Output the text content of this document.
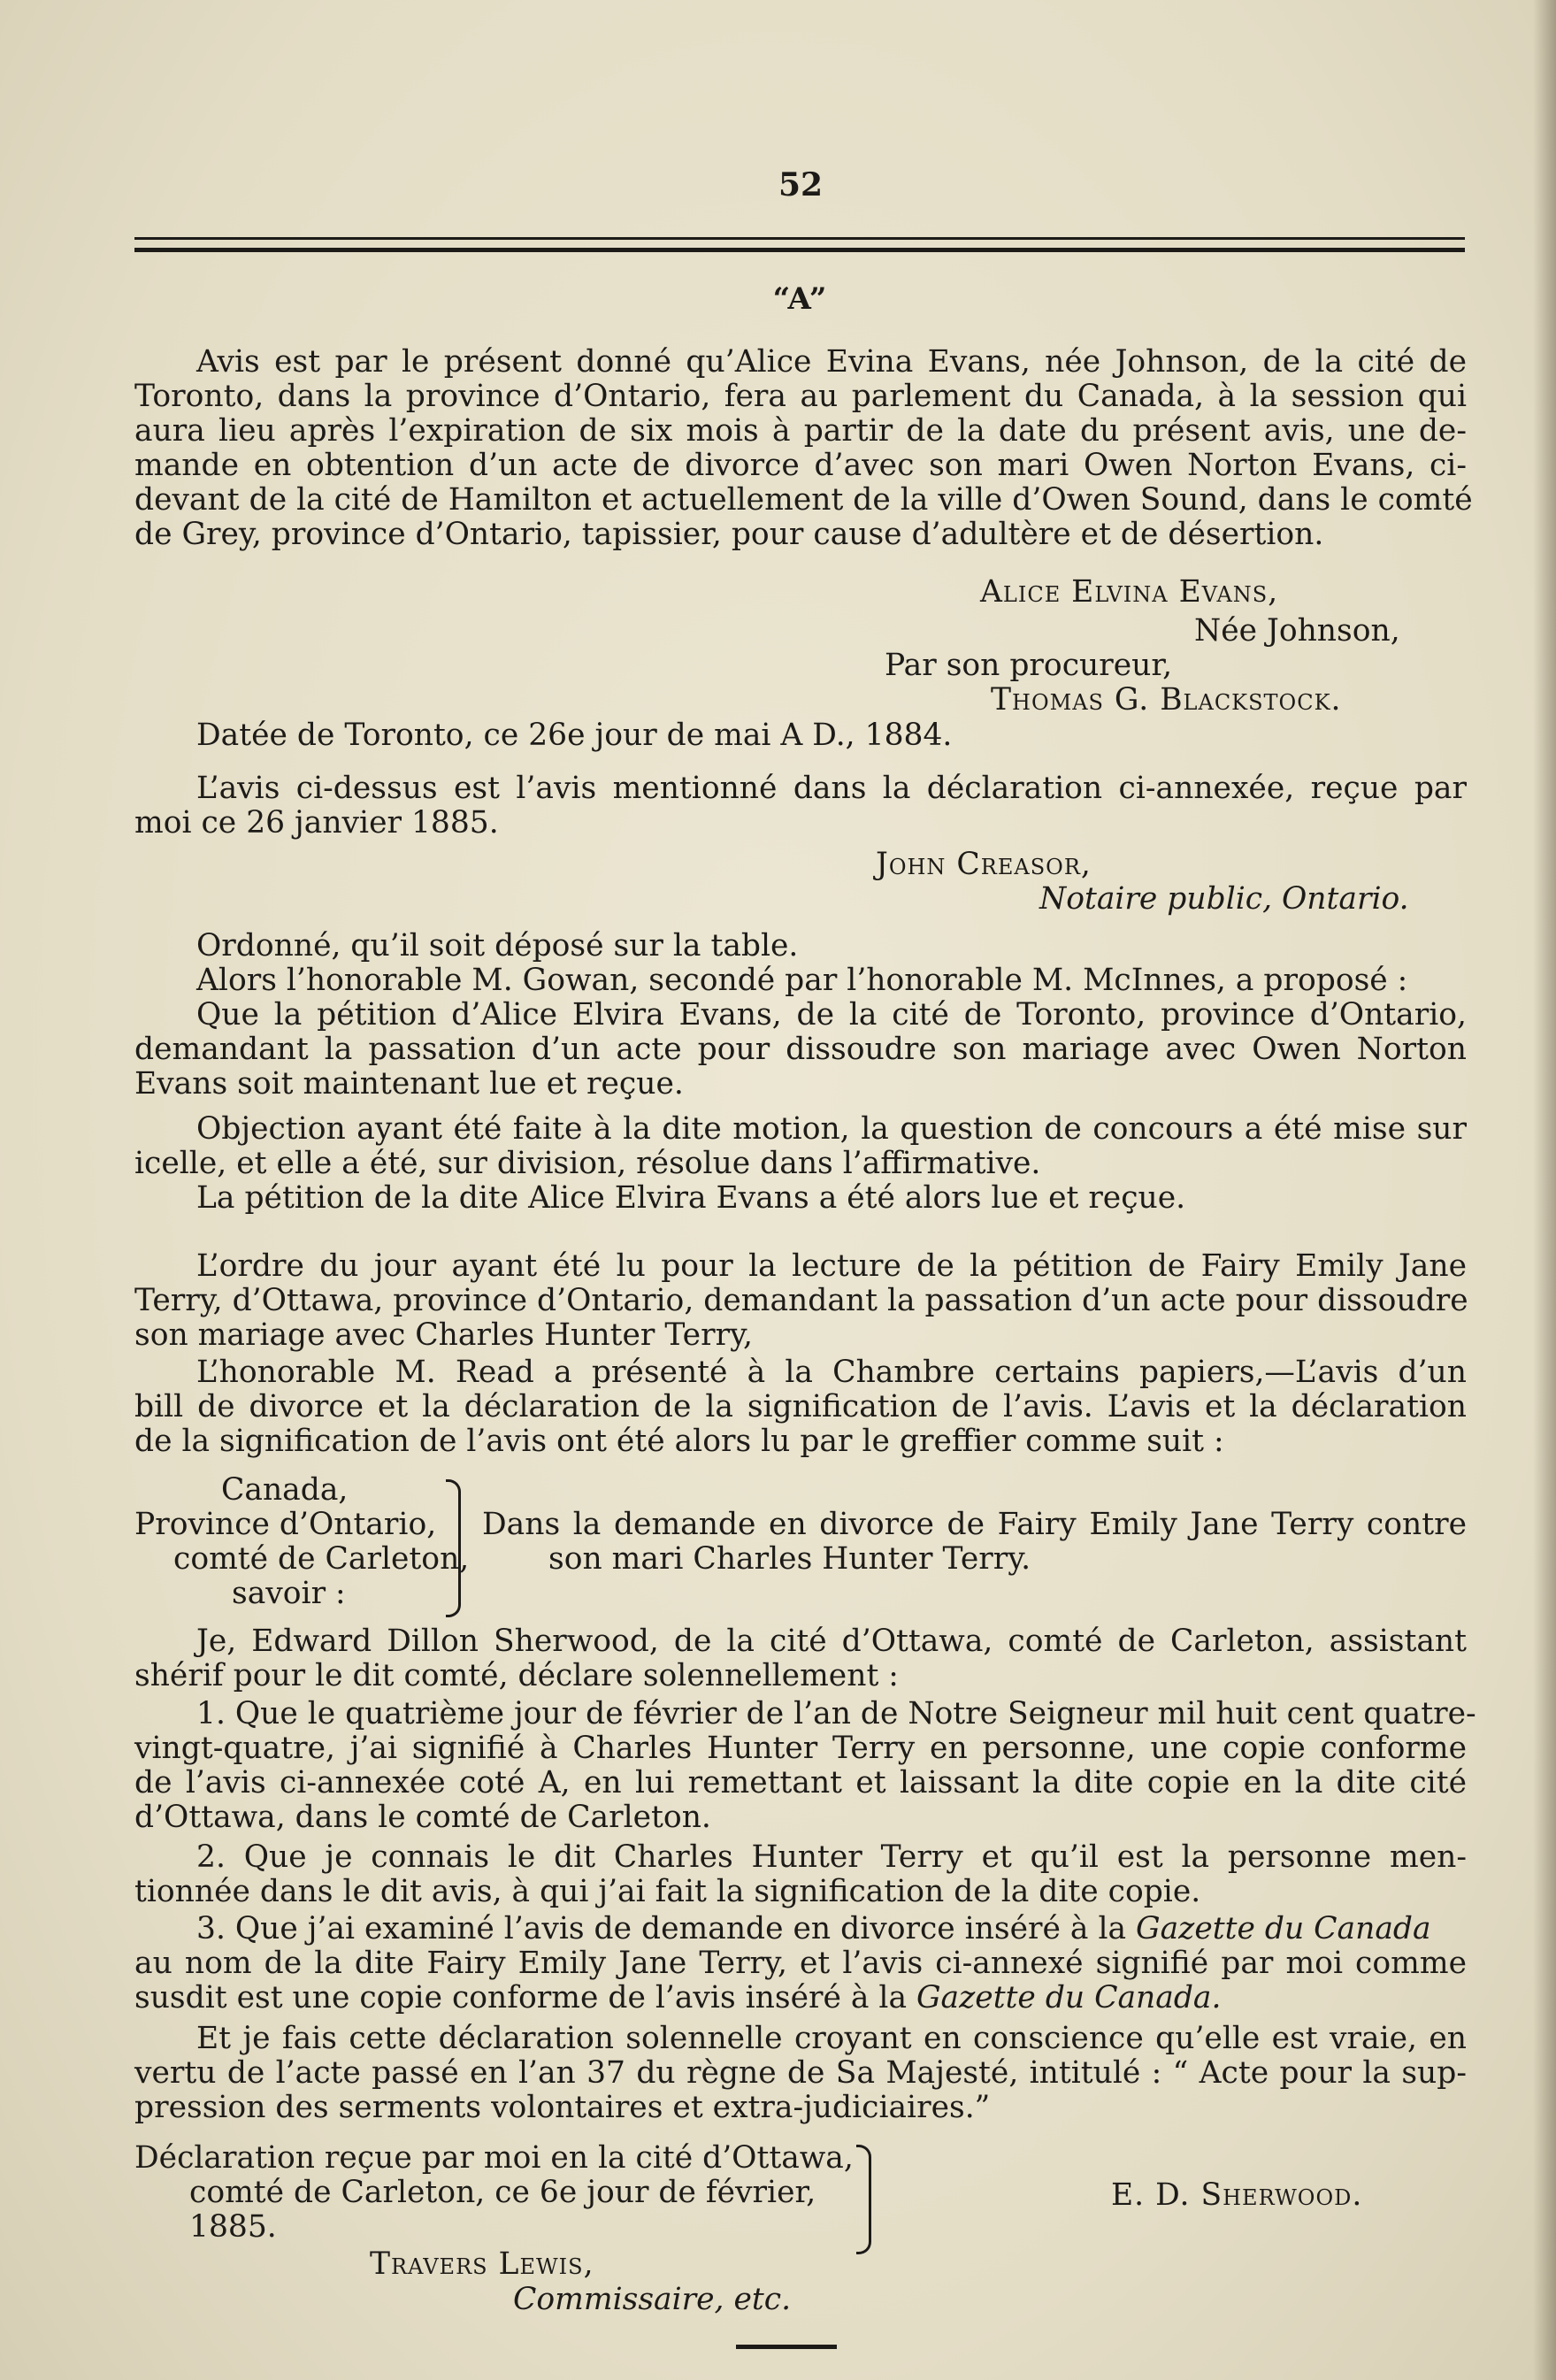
52
“A”
Avis est par le présent donné qu’Alice Evina Evans, née Johnson, de la cité de
Toronto, dans la province d’Ontario, fera au parlement du Canada, à la session qui
aura lieu après l’expiration de six mois à partir de la date du présent avis, une de-
mande en obtention d’un acte de divorce d’avec son mari Owen Norton Evans, ci-
devant de la cité de Hamilton et actuellement de la ville d’Owen Sound, dans le comté
de Grey, province d’Ontario, tapissier, pour cause d’adultère et de désertion.
Alice Elvina Evans,
Née Johnson,
Par son procureur,
Thomas G. Blackstock.
Datée de Toronto, ce 26e jour de mai A D., 1884.
L’avis ci-dessus est l’avis mentionné dans la déclaration ci-annexée, reçue par
moi ce 26 janvier 1885.
John Creasor,
Notaire public, Ontario.
Ordonné, qu’il soit déposé sur la table.
Alors l’honorable M. Gowan, secondé par l’honorable M. McInnes, a proposé :
Que la pétition d’Alice Elvira Evans, de la cité de Toronto, province d’Ontario,
demandant la passation d’un acte pour dissoudre son mariage avec Owen Norton
Evans soit maintenant lue et reçue.
Objection ayant été faite à la dite motion, la question de concours a été mise sur
icelle, et elle a été, sur division, résolue dans l’affirmative.
La pétition de la dite Alice Elvira Evans a été alors lue et reçue.
L’ordre du jour ayant été lu pour la lecture de la pétition de Fairy Emily Jane
Terry, d’Ottawa, province d’Ontario, demandant la passation d’un acte pour dissoudre
son mariage avec Charles Hunter Terry,
L’honorable M. Read a présenté à la Chambre certains papiers,—L’avis d’un
bill de divorce et la déclaration de la signification de l’avis. L’avis et la déclaration
de la signification de l’avis ont été alors lu par le greffier comme suit :
Canada,
Province d’Ontario,
comté de Carleton,
savoir :
Dans la demande en divorce de Fairy Emily Jane Terry contre
son mari Charles Hunter Terry.
Je, Edward Dillon Sherwood, de la cité d’Ottawa, comté de Carleton, assistant
shérif pour le dit comté, déclare solennellement :
1. Que le quatrième jour de février de l’an de Notre Seigneur mil huit cent quatre-
vingt-quatre, j’ai signifié à Charles Hunter Terry en personne, une copie conforme
de l’avis ci-annexée coté A, en lui remettant et laissant la dite copie en la dite cité
d’Ottawa, dans le comté de Carleton.
2. Que je connais le dit Charles Hunter Terry et qu’il est la personne men-
tionnée dans le dit avis, à qui j’ai fait la signification de la dite copie.
3. Que j’ai examiné l’avis de demande en divorce inséré à la Gazette du Canada
au nom de la dite Fairy Emily Jane Terry, et l’avis ci-annexé signifié par moi comme
susdit est une copie conforme de l’avis inséré à la Gazette du Canada.
Et je fais cette déclaration solennelle croyant en conscience qu’elle est vraie, en
vertu de l’acte passé en l’an 37 du règne de Sa Majesté, intitulé : “ Acte pour la sup-
pression des serments volontaires et extra-judiciaires.”
Déclaration reçue par moi en la cité d’Ottawa,
comté de Carleton, ce 6e jour de février,
1885.
E. D. Sherwood.
Travers Lewis,
Commissaire, etc.
